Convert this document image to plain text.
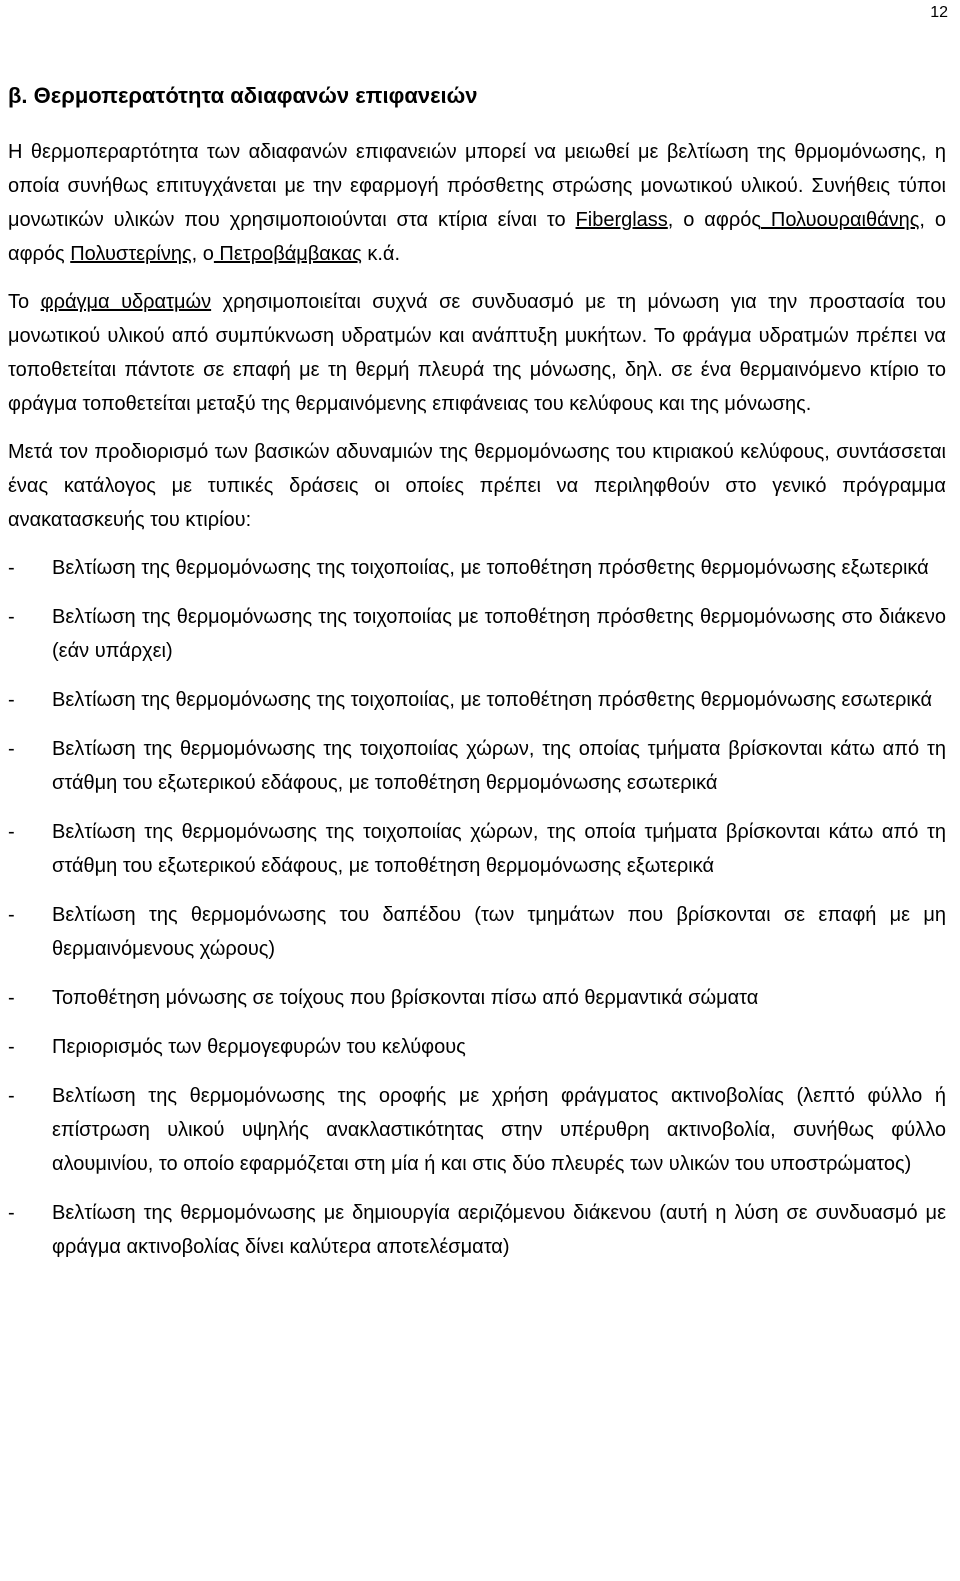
12
β. Θερμοπερατότητα αδιαφανών επιφανειών

Η θερμοπεραρτότητα των αδιαφανών επιφανειών μπορεί να μειωθεί με βελτίωση της θρμομόνωσης, η οποία συνήθως επιτυγχάνεται με την εφαρμογή πρόσθετης στρώσης μονωτικού υλικού. Συνήθεις τύποι μονωτικών υλικών που χρησιμοποιούνται στα κτίρια είναι το Fiberglass, ο αφρός Πολυουραιθάνης, ο αφρός Πολυστερίνης, ο Πετροβάμβακας κ.ά.

Το φράγμα υδρατμών χρησιμοποιείται συχνά σε συνδυασμό με τη μόνωση για την προστασία του μονωτικού υλικού από συμπύκνωση υδρατμών και ανάπτυξη μυκήτων. Το φράγμα υδρατμών πρέπει να τοποθετείται πάντοτε σε επαφή με τη θερμή πλευρά της μόνωσης, δηλ. σε ένα θερμαινόμενο κτίριο το φράγμα τοποθετείται μεταξύ της θερμαινόμενης επιφάνειας του κελύφους και της μόνωσης.

Μετά τον προδιορισμό των βασικών αδυναμιών της θερμομόνωσης του κτιριακού κελύφους, συντάσσεται ένας κατάλογος με τυπικές δράσεις οι οποίες πρέπει να περιληφθούν στο γενικό πρόγραμμα ανακατασκευής του κτιρίου:

- Βελτίωση της θερμομόνωσης της τοιχοποιίας, με τοποθέτηση πρόσθετης θερμομόνωσης εξωτερικά
- Βελτίωση της θερμομόνωσης της τοιχοποιίας με τοποθέτηση πρόσθετης θερμομόνωσης στο διάκενο (εάν υπάρχει)
- Βελτίωση της θερμομόνωσης της τοιχοποιίας, με τοποθέτηση πρόσθετης θερμομόνωσης εσωτερικά
- Βελτίωση της θερμομόνωσης της τοιχοποιίας χώρων, της οποίας τμήματα βρίσκονται κάτω από τη στάθμη του εξωτερικού εδάφους, με τοποθέτηση θερμομόνωσης εσωτερικά
- Βελτίωση της θερμομόνωσης της τοιχοποιίας χώρων, της οποία τμήματα βρίσκονται κάτω από τη στάθμη του εξωτερικού εδάφους, με τοποθέτηση θερμομόνωσης εξωτερικά
- Βελτίωση της θερμομόνωσης του δαπέδου (των τμημάτων που βρίσκονται σε επαφή με μη θερμαινόμενους χώρους)
- Τοποθέτηση μόνωσης σε τοίχους που βρίσκονται πίσω από θερμαντικά σώματα
- Περιορισμός των θερμογεφυρών του κελύφους
- Βελτίωση της θερμομόνωσης της οροφής με χρήση φράγματος ακτινοβολίας (λεπτό φύλλο ή επίστρωση υλικού υψηλής ανακλαστικότητας στην υπέρυθρη ακτινοβολία, συνήθως φύλλο αλουμινίου, το οποίο εφαρμόζεται στη μία ή και στις δύο πλευρές των υλικών του υποστρώματος)
- Βελτίωση της θερμομόνωσης με δημιουργία αεριζόμενου διάκενου (αυτή η λύση σε συνδυασμό με φράγμα ακτινοβολίας δίνει καλύτερα αποτελέσματα)
